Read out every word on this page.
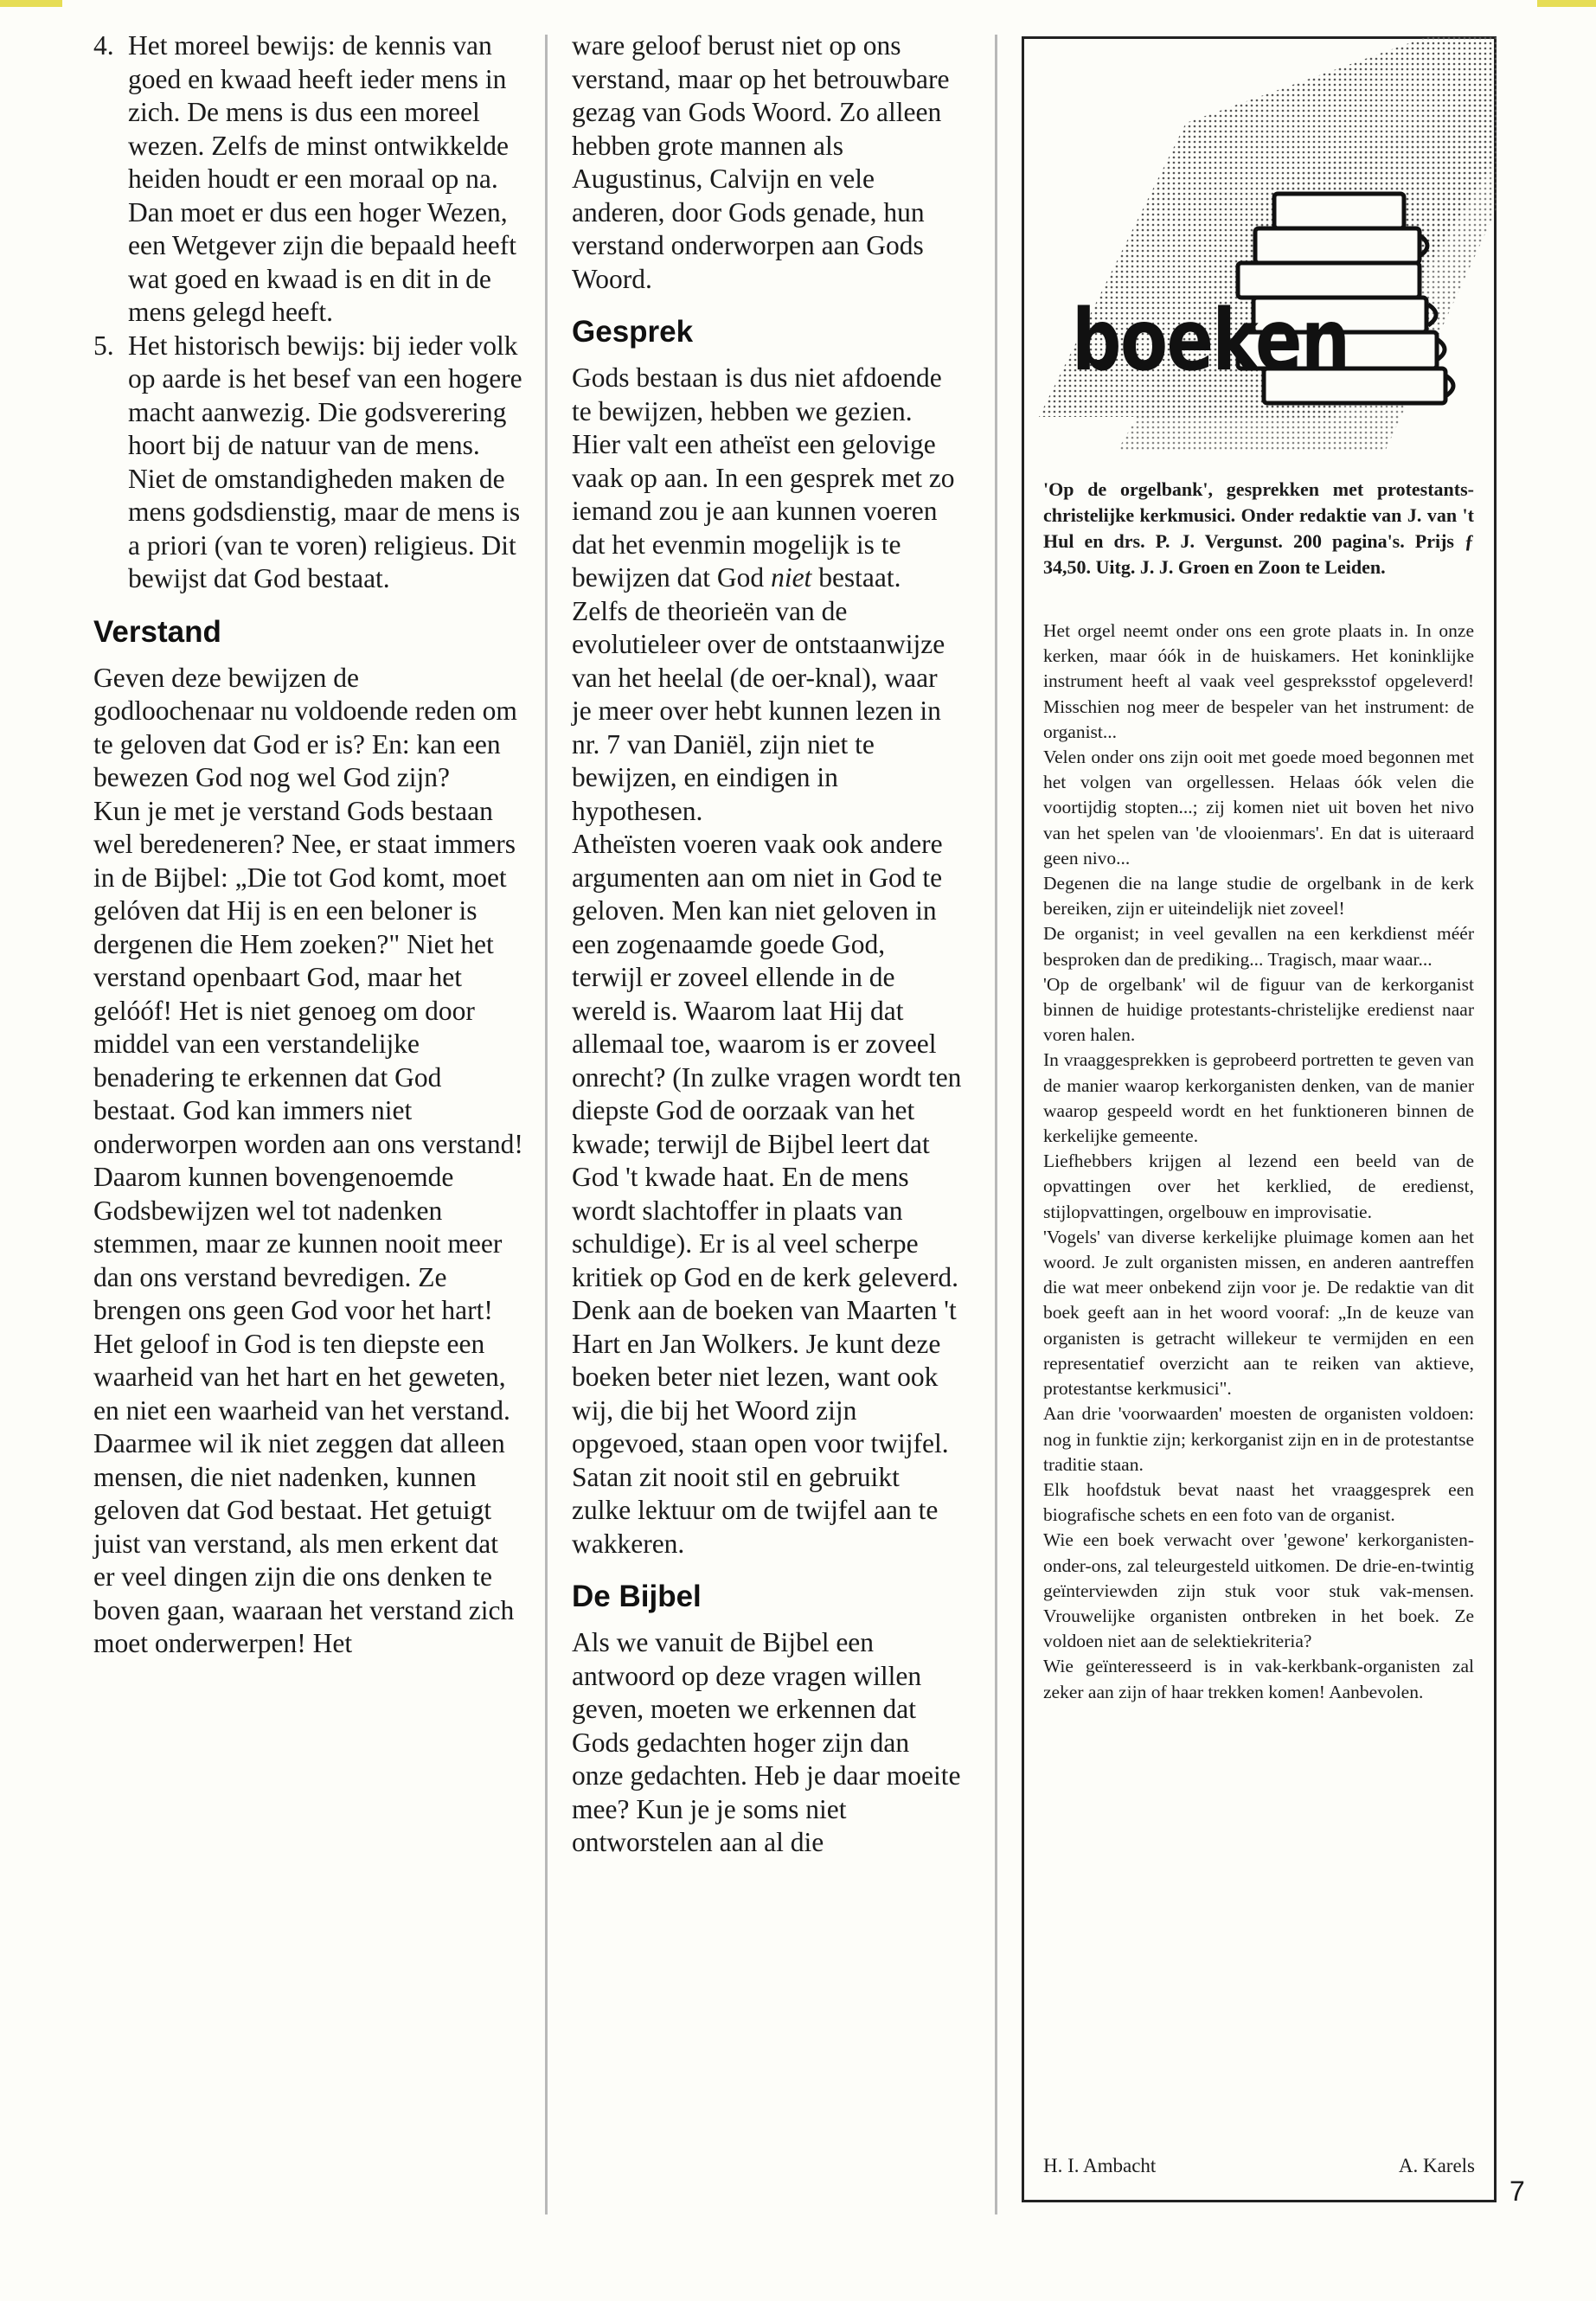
4. Het moreel bewijs: de kennis van goed en kwaad heeft ieder mens in zich. De mens is dus een moreel wezen. Zelfs de minst ontwikkelde heiden houdt er een moraal op na. Dan moet er dus een hoger Wezen, een Wetgever zijn die bepaald heeft wat goed en kwaad is en dit in de mens gelegd heeft.
5. Het historisch bewijs: bij ieder volk op aarde is het besef van een hogere macht aanwezig. Die godsverering hoort bij de natuur van de mens. Niet de omstandigheden maken de mens godsdienstig, maar de mens is a priori (van te voren) religieus. Dit bewijst dat God bestaat.
Verstand

Geven deze bewijzen de godloochenaar nu voldoende reden om te geloven dat God er is? En: kan een bewezen God nog wel God zijn?

Kun je met je verstand Gods bestaan wel beredeneren? Nee, er staat immers in de Bijbel: „Die tot God komt, moet gelóven dat Hij is en een beloner is dergenen die Hem zoeken?" Niet het verstand openbaart God, maar het gelóóf! Het is niet genoeg om door middel van een verstandelijke benadering te erkennen dat God bestaat. God kan immers niet onderworpen worden aan ons verstand! Daarom kunnen bovengenoemde Godsbewijzen wel tot nadenken stemmen, maar ze kunnen nooit meer dan ons verstand bevredigen. Ze brengen ons geen God voor het hart! Het geloof in God is ten diepste een waarheid van het hart en het geweten, en niet een waarheid van het verstand.

Daarmee wil ik niet zeggen dat alleen mensen, die niet nadenken, kunnen geloven dat God bestaat. Het getuigt juist van verstand, als men erkent dat er veel dingen zijn die ons denken te boven gaan, waaraan het verstand zich moet onderwerpen! Het

ware geloof berust niet op ons verstand, maar op het betrouwbare gezag van Gods Woord. Zo alleen hebben grote mannen als Augustinus, Calvijn en vele anderen, door Gods genade, hun verstand onderworpen aan Gods Woord.

Gesprek

Gods bestaan is dus niet afdoende te bewijzen, hebben we gezien. Hier valt een atheïst een gelovige vaak op aan. In een gesprek met zo iemand zou je aan kunnen voeren dat het evenmin mogelijk is te bewijzen dat God niet bestaat. Zelfs de theorieën van de evolutieleer over de ontstaanwijze van het heelal (de oer-knal), waar je meer over hebt kunnen lezen in nr. 7 van Daniël, zijn niet te bewijzen, en eindigen in hypothesen.

Atheïsten voeren vaak ook andere argumenten aan om niet in God te geloven. Men kan niet geloven in een zogenaamde goede God, terwijl er zoveel ellende in de wereld is. Waarom laat Hij dat allemaal toe, waarom is er zoveel onrecht? (In zulke vragen wordt ten diepste God de oorzaak van het kwade; terwijl de Bijbel leert dat God 't kwade haat. En de mens wordt slachtoffer in plaats van schuldige). Er is al veel scherpe kritiek op God en de kerk geleverd. Denk aan de boeken van Maarten 't Hart en Jan Wolkers. Je kunt deze boeken beter niet lezen, want ook wij, die bij het Woord zijn opgevoed, staan open voor twijfel. Satan zit nooit stil en gebruikt zulke lektuur om de twijfel aan te wakkeren.

De Bijbel

Als we vanuit de Bijbel een antwoord op deze vragen willen geven, moeten we erkennen dat Gods gedachten hoger zijn dan onze gedachten. Heb je daar moeite mee? Kun je je soms niet ontworstelen aan al die

boeken
'Op de orgelbank', gesprekken met protestants-christelijke kerkmusici. Onder redaktie van J. van 't Hul en drs. P. J. Vergunst. 200 pagina's. Prijs ƒ 34,50. Uitg. J. J. Groen en Zoon te Leiden.

Het orgel neemt onder ons een grote plaats in. In onze kerken, maar óók in de huiskamers. Het koninklijke instrument heeft al vaak veel gespreksstof opgeleverd! Misschien nog meer de bespeler van het instrument: de organist...

Velen onder ons zijn ooit met goede moed begonnen met het volgen van orgellessen. Helaas óók velen die voortijdig stopten...; zij komen niet uit boven het nivo van het spelen van 'de vlooienmars'. En dat is uiteraard geen nivo...

Degenen die na lange studie de orgelbank in de kerk bereiken, zijn er uiteindelijk niet zoveel!

De organist; in veel gevallen na een kerkdienst méér besproken dan de prediking... Tragisch, maar waar...

'Op de orgelbank' wil de figuur van de kerkorganist binnen de huidige protestants-christelijke eredienst naar voren halen.

In vraaggesprekken is geprobeerd portretten te geven van de manier waarop kerkorganisten denken, van de manier waarop gespeeld wordt en het funktioneren binnen de kerkelijke gemeente.

Liefhebbers krijgen al lezend een beeld van de opvattingen over het kerklied, de eredienst, stijlopvattingen, orgelbouw en improvisatie.

'Vogels' van diverse kerkelijke pluimage komen aan het woord. Je zult organisten missen, en anderen aantreffen die wat meer onbekend zijn voor je. De redaktie van dit boek geeft aan in het woord vooraf: „In de keuze van organisten is getracht willekeur te vermijden en een representatief overzicht aan te reiken van aktieve, protestantse kerkmusici".

Aan drie 'voorwaarden' moesten de organisten voldoen: nog in funktie zijn; kerkorganist zijn en in de protestantse traditie staan.

Elk hoofdstuk bevat naast het vraaggesprek een biografische schets en een foto van de organist.

Wie een boek verwacht over 'gewone' kerkorganisten-onder-ons, zal teleurgesteld uitkomen. De drie-en-twintig geïnterviewden zijn stuk voor stuk vak-mensen. Vrouwelijke organisten ontbreken in het boek. Ze voldoen niet aan de selektiekriteria?

Wie geïnteresseerd is in vak-kerkbank-organisten zal zeker aan zijn of haar trekken komen! Aanbevolen.

H. I. Ambacht	A. Karels
7
